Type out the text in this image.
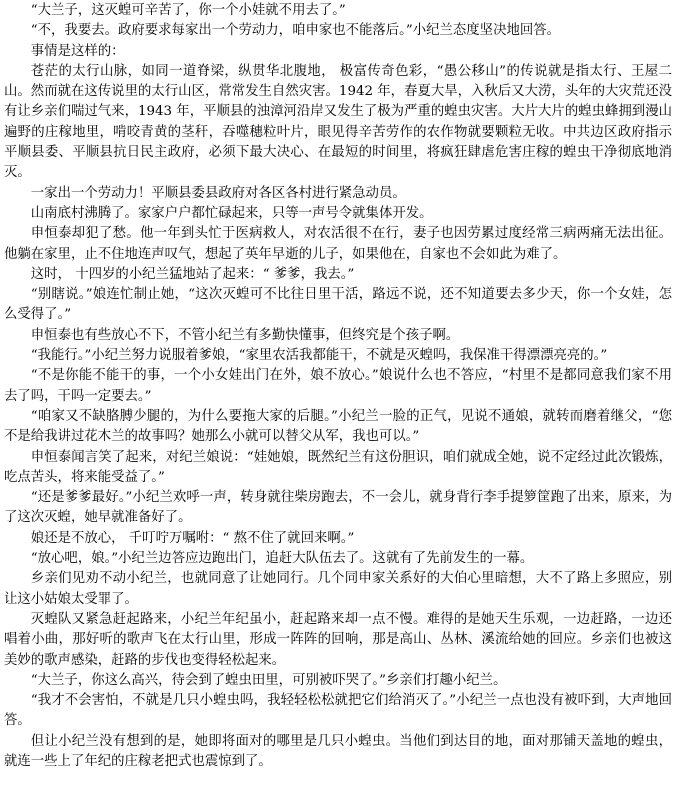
“大兰子，这灭蝗可辛苦了，你一个小娃就不用去了。”

“不，我要去。政府要求每家出一个劳动力，咱申家也不能落后。”小纪兰态度坚决地回答。

事情是这样的：

苍茫的太行山脉，如同一道脊梁，纵贯华北腹地， 极富传奇色彩，“愚公移山”的传说就是指太行、王屋二山。然而就在这传说里的太行山区，常常发生自然灾害。1942 年，春夏大旱，入秋后又大涝，头年的大灾荒还没有让乡亲们喘过气来，1943 年，平顺县的浊漳河沿岸又发生了极为严重的蝗虫灾害。大片大片的蝗虫蜂拥到漫山遍野的庄稼地里，啃咬青黄的茎秆，吞噬穗粒叶片，眼见得辛苦劳作的农作物就要颗粒无收。中共边区政府指示平顺县委、平顺县抗日民主政府，必须下最大决心、在最短的时间里，将疯狂肆虐危害庄稼的蝗虫干净彻底地消灭。

一家出一个劳动力！平顺县委县政府对各区各村进行紧急动员。

山南底村沸腾了。家家户户都忙碌起来，只等一声号令就集体开发。

申恒泰却犯了愁。他一年到头忙于医病救人，对农活很不在行，妻子也因劳累过度经常三病两痛无法出征。他躺在家里，止不住地连声叹气，想起了英年早逝的儿子，如果他在，自家也不会如此为难了。

这时， 十四岁的小纪兰猛地站了起来：“ 爹爹，我去。”

“别瞎说。”娘连忙制止她，“这次灭蝗可不比往日里干活，路远不说，还不知道要去多少天，你一个女娃，怎么受得了。”

申恒泰也有些放心不下，不管小纪兰有多勤快懂事，但终究是个孩子啊。

“我能行。”小纪兰努力说服着爹娘，“家里农活我都能干，不就是灭蝗吗，我保准干得漂漂亮亮的。”

“不是你能不能干的事，一个小女娃出门在外，娘不放心。”娘说什么也不答应，“村里不是都同意我们家不用去了吗，干吗一定要去。”

“咱家又不缺胳膊少腿的，为什么要拖大家的后腿。”小纪兰一脸的正气，见说不通娘，就转而磨着继父，“您不是给我讲过花木兰的故事吗？她那么小就可以替父从军，我也可以。”

申恒泰闻言笑了起来，对纪兰娘说：“娃她娘，既然纪兰有这份胆识，咱们就成全她，说不定经过此次锻炼，吃点苦头，将来能受益了。”

“还是爹爹最好。”小纪兰欢呼一声，转身就往柴房跑去，不一会儿，就身背行李手提箩筐跑了出来，原来，为了这次灭蝗，她早就准备好了。

娘还是不放心， 千叮咛万嘱咐：“ 熬不住了就回来啊。”

“放心吧，娘。”小纪兰边答应边跑出门，追赶大队伍去了。这就有了先前发生的一幕。

乡亲们见劝不动小纪兰，也就同意了让她同行。几个同申家关系好的大伯心里暗想，大不了路上多照应，别让这小姑娘太受罪了。

灭蝗队又紧急赶起路来，小纪兰年纪虽小，赶起路来却一点不慢。难得的是她天生乐观，一边赶路，一边还唱着小曲，那好听的歌声飞在太行山里，形成一阵阵的回响，那是高山、丛林、溪流给她的回应。乡亲们也被这美妙的歌声感染，赶路的步伐也变得轻松起来。

“大兰子，你这么高兴，待会到了蝗虫田里，可别被吓哭了。”乡亲们打趣小纪兰。

“我才不会害怕，不就是几只小蝗虫吗，我轻轻松松就把它们给消灭了。”小纪兰一点也没有被吓到，大声地回答。

但让小纪兰没有想到的是，她即将面对的哪里是几只小蝗虫。当他们到达目的地，面对那铺天盖地的蝗虫，就连一些上了年纪的庄稼老把式也震惊到了。
